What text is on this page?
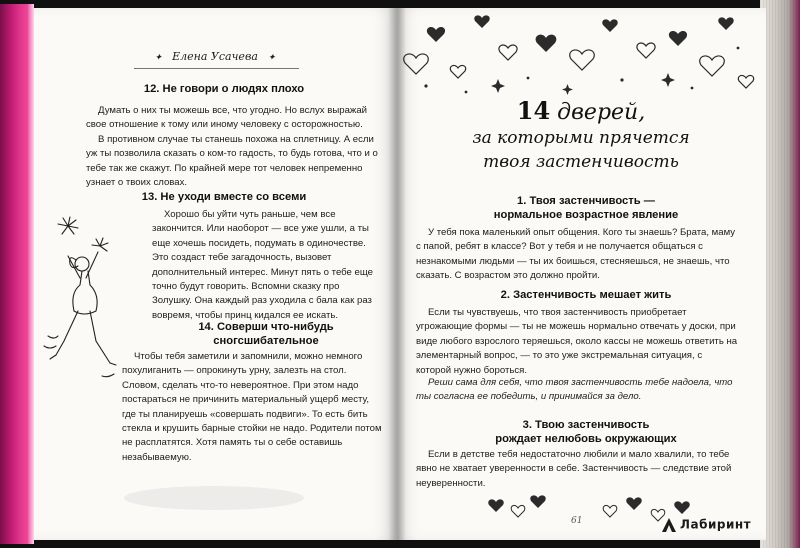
✦ Елена Усачева ✦
12. Не говори о людях плохо

Думать о них ты можешь все, что угодно. Но вслух выражай свое отношение к тому или иному человеку с осторожностью.

В противном случае ты станешь похожа на сплетницу. А если уж ты позволила сказать о ком-то гадость, то будь готова, что и о тебе так же скажут. По крайней мере тот человек непременно узнает о твоих словах.

13. Не уходи вместе со всеми

Хорошо бы уйти чуть раньше, чем все закончится. Или наоборот — все уже ушли, а ты еще хочешь посидеть, подумать в одиночестве. Это создаст тебе загадочность, вызовет дополнительный интерес. Минут пять о тебе еще точно будут говорить. Вспомни сказку про Золушку. Она каждый раз уходила с бала как раз вовремя, чтобы принц кидался ее искать.

14. Соверши что-нибудь
сногсшибательное

Чтобы тебя заметили и запомнили, можно немного похулиганить — опрокинуть урну, залезть на стол. Словом, сделать что-то невероятное. При этом надо постараться не причинить материальный ущерб месту, где ты планируешь «совершать подвиги». То есть бить стекла и крушить барные стойки не надо. Родители потом не расплатятся. Хотя память ты о себе оставишь незабываемую.

14 дверей,
за которыми прячется
твоя застенчивость
1. Твоя застенчивость —
нормальное возрастное явление

У тебя пока маленький опыт общения. Кого ты знаешь? Брата, маму с папой, ребят в классе? Вот у тебя и не получается общаться с незнакомыми людьми — ты их боишься, стесняешься, не знаешь, что сказать. С возрастом это должно пройти.

2. Застенчивость мешает жить

Если ты чувствуешь, что твоя застенчивость приобретает угрожающие формы — ты не можешь нормально отвечать у доски, при виде любого взрослого теряешься, около кассы не можешь ответить на элементарный вопрос, — то это уже экстремальная ситуация, с которой нужно бороться.

Реши сама для себя, что твоя застенчивость тебе надоела, что ты согласна ее победить, и принимайся за дело.

3. Твою застенчивость
рождает нелюбовь окружающих

Если в детстве тебя недостаточно любили и мало хвалили, то тебе явно не хватает уверенности в себе. Застенчивость — следствие этой неуверенности.

61	Лабиринт
